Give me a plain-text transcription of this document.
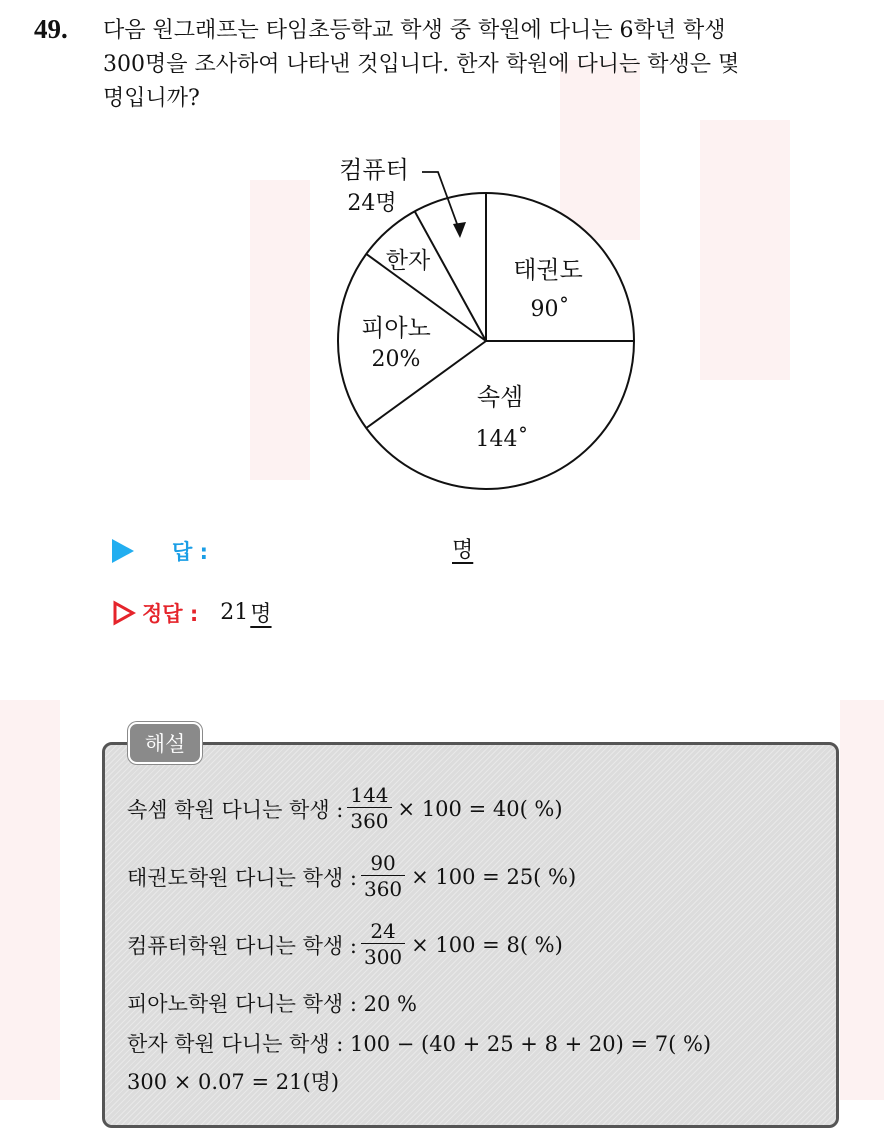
49. 다음 원그래프는 타임초등학교 학생 중 학원에 다니는 6학년 학생
300명을 조사하여 나타낸 것입니다. 한자 학원에 다니는 학생은 몇
명입니까?
태권도
90˚
속셈
144˚
피아노
20%
한자
컴퓨터
24명
답 :	명
정답 : 21 명
해설
속셈 학원 다니는 학생 : $\frac{144}{360} \times 100 = 40$( %)
태권도학원 다니는 학생 : $\frac{90}{360} \times 100 = 25$( %)
컴퓨터학원 다니는 학생 : $\frac{24}{300} \times 100 = 8$( %)
피아노학원 다니는 학생 : 20 %
한자 학원 다니는 학생 : 100 − (40 + 25 + 8 + 20) = 7( %)
300 × 0.07 = 21(명)
